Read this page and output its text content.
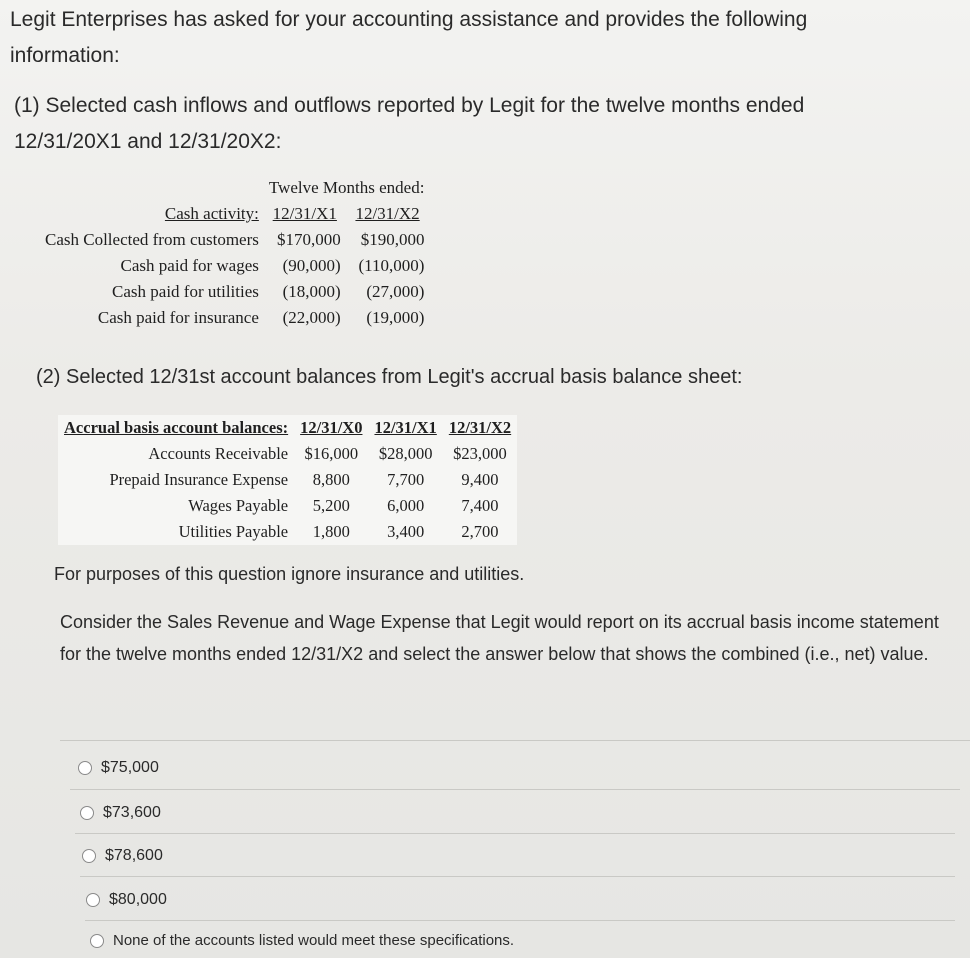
Legit Enterprises has asked for your accounting assistance and provides the following information:

(1) Selected cash inflows and outflows reported by Legit for the twelve months ended 12/31/20X1 and 12/31/20X2:

	Twelve Months ended:	
Cash activity:	12/31/X1	12/31/X2
Cash Collected from customers	$170,000	$190,000
Cash paid for wages	(90,000)	(110,000)
Cash paid for utilities	(18,000)	(27,000)
Cash paid for insurance	(22,000)	(19,000)

(2) Selected 12/31st account balances from Legit's accrual basis balance sheet:

Accrual basis account balances:	12/31/X0	12/31/X1	12/31/X2
Accounts Receivable	$16,000	$28,000	$23,000
Prepaid Insurance Expense	8,800	7,700	9,400
Wages Payable	5,200	6,000	7,400
Utilities Payable	1,800	3,400	2,700

For purposes of this question ignore insurance and utilities.

Consider the Sales Revenue and Wage Expense that Legit would report on its accrual basis income statement for the twelve months ended 12/31/X2 and select the answer below that shows the combined (i.e., net) value.

$75,000
$73,600
$78,600
$80,000
None of the accounts listed would meet these specifications.
